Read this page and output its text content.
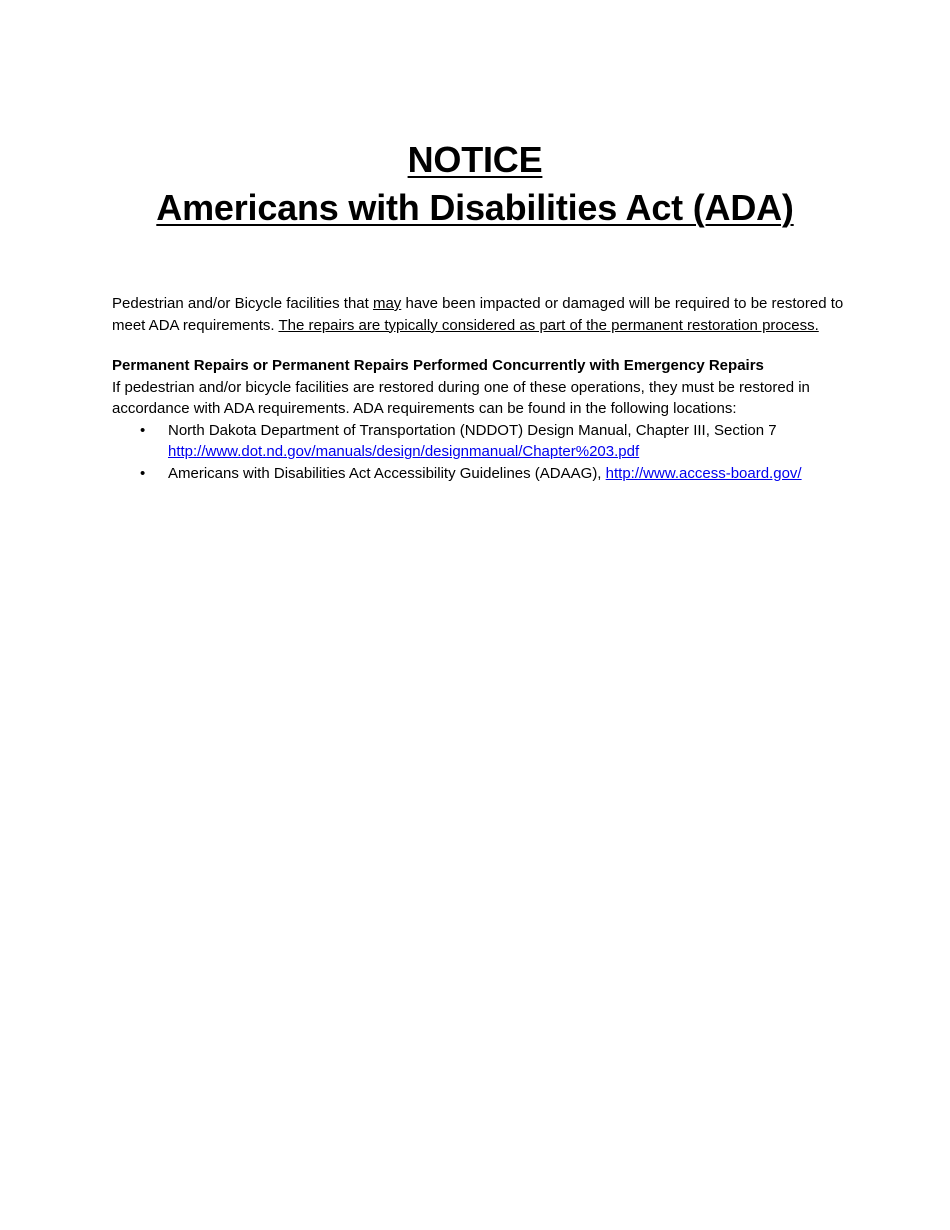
NOTICE
Americans with Disabilities Act (ADA)

Pedestrian and/or Bicycle facilities that may have been impacted or damaged will be required to be restored to meet ADA requirements. The repairs are typically considered as part of the permanent restoration process.

Permanent Repairs or Permanent Repairs Performed Concurrently with Emergency Repairs

If pedestrian and/or bicycle facilities are restored during one of these operations, they must be restored in accordance with ADA requirements. ADA requirements can be found in the following locations:

• North Dakota Department of Transportation (NDDOT) Design Manual, Chapter III, Section 7
http://www.dot.nd.gov/manuals/design/designmanual/Chapter%203.pdf
• Americans with Disabilities Act Accessibility Guidelines (ADAAG), http://www.access-board.gov/
